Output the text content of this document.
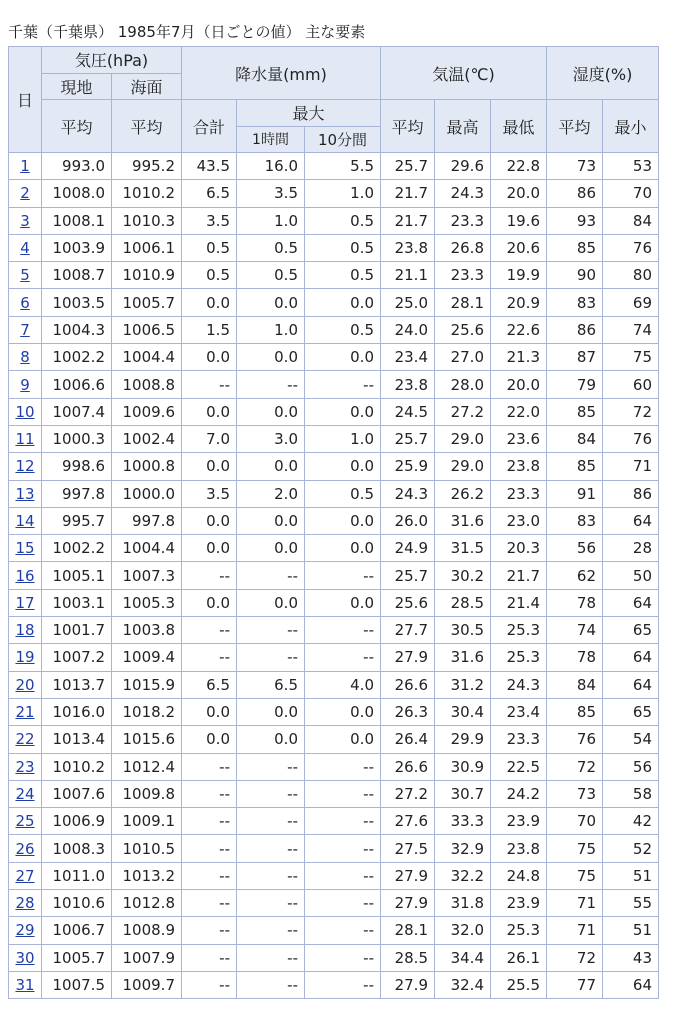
千葉（千葉県） 1985年7月（日ごとの値） 主な要素
日	気圧(hPa)		降水量(mm)			気温(℃)			湿度(%)	
	現地	海面								
	平均	平均	合計	最大		平均	最高	最低	平均	最小
				1時間	10分間					
1	993.0	995.2	43.5	16.0	5.5	25.7	29.6	22.8	73	53
2	1008.0	1010.2	6.5	3.5	1.0	21.7	24.3	20.0	86	70
3	1008.1	1010.3	3.5	1.0	0.5	21.7	23.3	19.6	93	84
4	1003.9	1006.1	0.5	0.5	0.5	23.8	26.8	20.6	85	76
5	1008.7	1010.9	0.5	0.5	0.5	21.1	23.3	19.9	90	80
6	1003.5	1005.7	0.0	0.0	0.0	25.0	28.1	20.9	83	69
7	1004.3	1006.5	1.5	1.0	0.5	24.0	25.6	22.6	86	74
8	1002.2	1004.4	0.0	0.0	0.0	23.4	27.0	21.3	87	75
9	1006.6	1008.8	--	--	--	23.8	28.0	20.0	79	60
10	1007.4	1009.6	0.0	0.0	0.0	24.5	27.2	22.0	85	72
11	1000.3	1002.4	7.0	3.0	1.0	25.7	29.0	23.6	84	76
12	998.6	1000.8	0.0	0.0	0.0	25.9	29.0	23.8	85	71
13	997.8	1000.0	3.5	2.0	0.5	24.3	26.2	23.3	91	86
14	995.7	997.8	0.0	0.0	0.0	26.0	31.6	23.0	83	64
15	1002.2	1004.4	0.0	0.0	0.0	24.9	31.5	20.3	56	28
16	1005.1	1007.3	--	--	--	25.7	30.2	21.7	62	50
17	1003.1	1005.3	0.0	0.0	0.0	25.6	28.5	21.4	78	64
18	1001.7	1003.8	--	--	--	27.7	30.5	25.3	74	65
19	1007.2	1009.4	--	--	--	27.9	31.6	25.3	78	64
20	1013.7	1015.9	6.5	6.5	4.0	26.6	31.2	24.3	84	64
21	1016.0	1018.2	0.0	0.0	0.0	26.3	30.4	23.4	85	65
22	1013.4	1015.6	0.0	0.0	0.0	26.4	29.9	23.3	76	54
23	1010.2	1012.4	--	--	--	26.6	30.9	22.5	72	56
24	1007.6	1009.8	--	--	--	27.2	30.7	24.2	73	58
25	1006.9	1009.1	--	--	--	27.6	33.3	23.9	70	42
26	1008.3	1010.5	--	--	--	27.5	32.9	23.8	75	52
27	1011.0	1013.2	--	--	--	27.9	32.2	24.8	75	51
28	1010.6	1012.8	--	--	--	27.9	31.8	23.9	71	55
29	1006.7	1008.9	--	--	--	28.1	32.0	25.3	71	51
30	1005.7	1007.9	--	--	--	28.5	34.4	26.1	72	43
31	1007.5	1009.7	--	--	--	27.9	32.4	25.5	77	64
